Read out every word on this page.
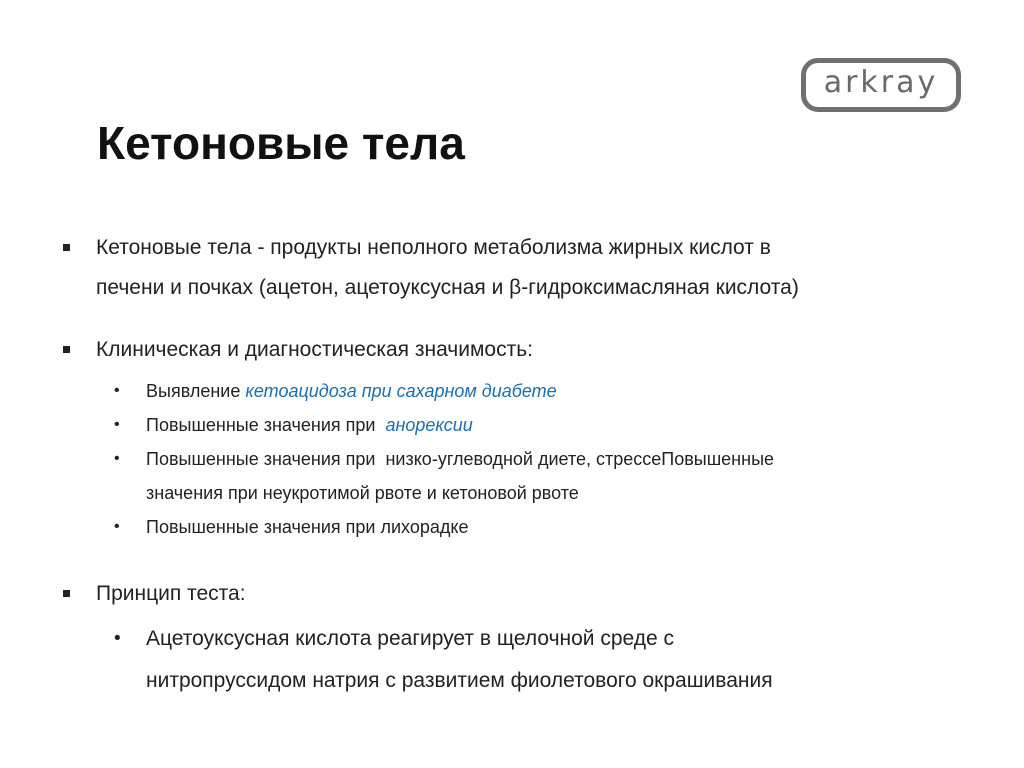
arkray
Кетоновые тела
Кетоновые тела - продукты неполного метаболизма жирных кислот в
печени и почках (ацетон, ацетоуксусная и β-гидроксимасляная кислота)
Клиническая и диагностическая значимость:
• Выявление кетоацидоза при сахарном диабете
• Повышенные значения при  анорексии
• Повышенные значения при  низко-углеводной диете, стрессеПовышенные
значения при неукротимой рвоте и кетоновой рвоте
• Повышенные значения при лихорадке
Принцип теста:
• Ацетоуксусная кислота реагирует в щелочной среде с
нитропруссидом натрия с развитием фиолетового окрашивания
